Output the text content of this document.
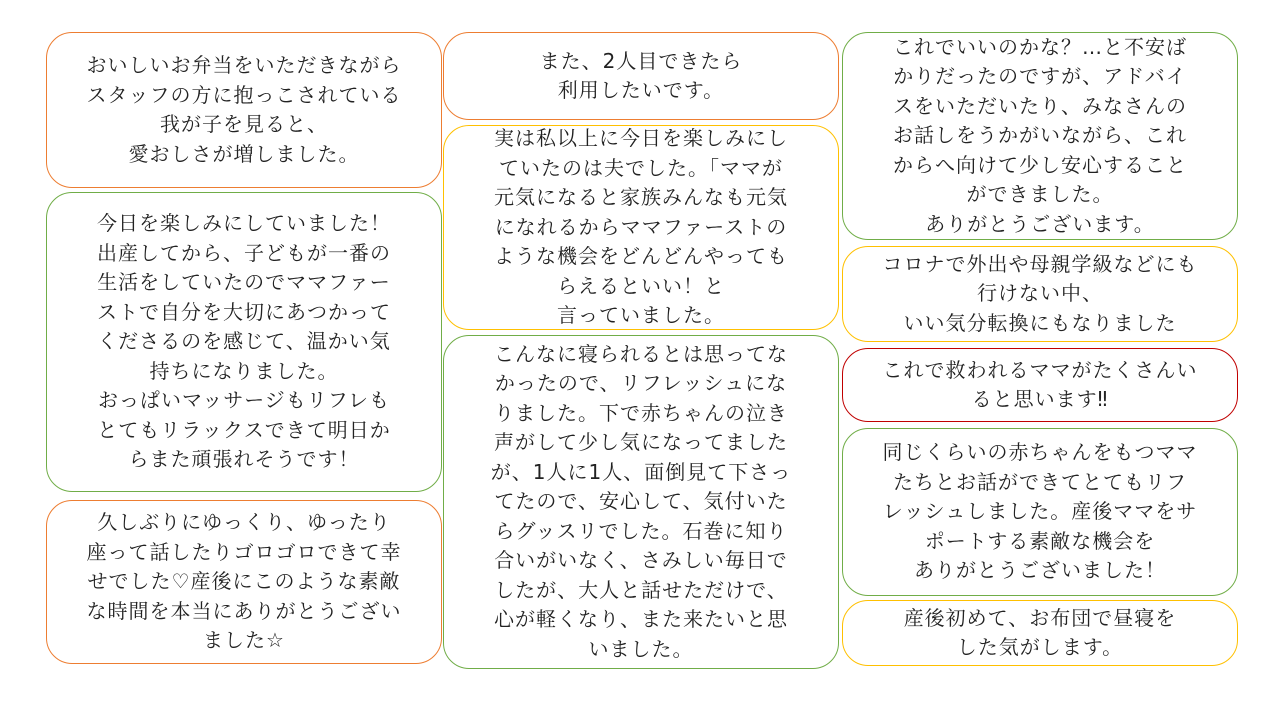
おいしいお弁当をいただきながら
スタッフの方に抱っこされている
我が子を見ると、
愛おしさが増しました。
今日を楽しみにしていました！
出産してから、子どもが一番の
生活をしていたのでママファー
ストで自分を大切にあつかって
くださるのを感じて、温かい気
持ちになりました。
おっぱいマッサージもリフレも
とてもリラックスできて明日か
らまた頑張れそうです！
久しぶりにゆっくり、ゆったり
座って話したりゴロゴロできて幸
せでした♡産後にこのような素敵
な時間を本当にありがとうござい
ました☆
また、2人目できたら
利用したいです。
実は私以上に今日を楽しみにし
ていたのは夫でした。「ママが
元気になると家族みんなも元気
になれるからママファーストの
ような機会をどんどんやっても
らえるといい！と
言っていました。
こんなに寝られるとは思ってな
かったので、リフレッシュにな
りました。下で赤ちゃんの泣き
声がして少し気になってました
が、1人に1人、面倒見て下さっ
てたので、安心して、気付いた
らグッスリでした。石巻に知り
合いがいなく、さみしい毎日で
したが、大人と話せただけで、
心が軽くなり、また来たいと思
いました。
これでいいのかな？…と不安ば
かりだったのですが、アドバイ
スをいただいたり、みなさんの
お話しをうかがいながら、これ
からへ向けて少し安心すること
ができました。
ありがとうございます。
コロナで外出や母親学級などにも
行けない中、
いい気分転換にもなりました
これで救われるママがたくさんい
ると思います‼
同じくらいの赤ちゃんをもつママ
たちとお話ができてとてもリフ
レッシュしました。産後ママをサ
ポートする素敵な機会を
ありがとうございました！
産後初めて、お布団で昼寝を
した気がします。
